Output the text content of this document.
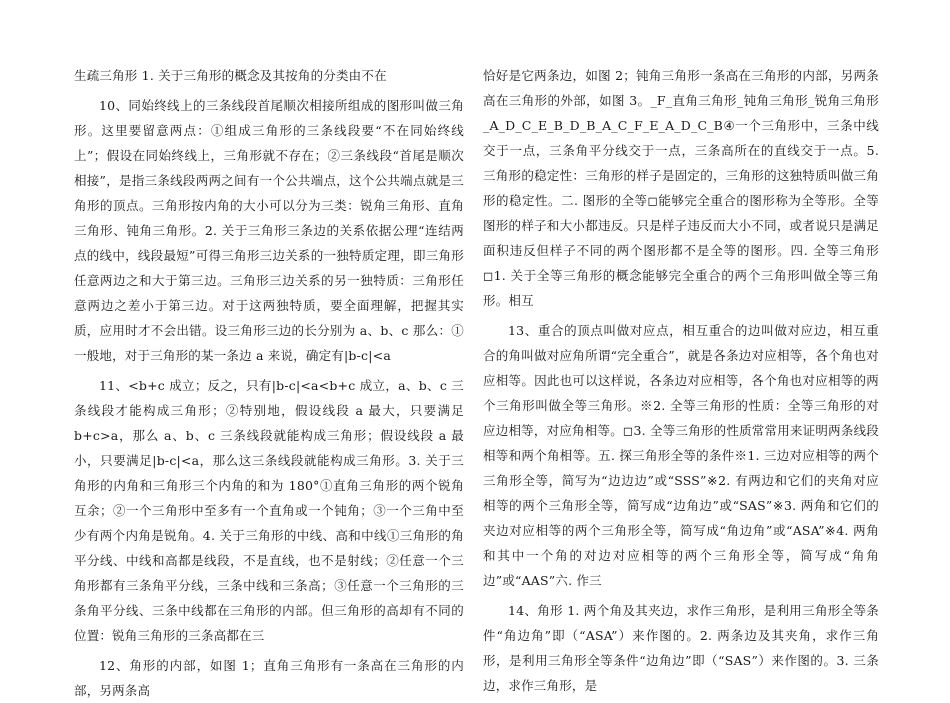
生疏三角形 1. 关于三角形的概念及其按角的分类由不在

10、同始终线上的三条线段首尾顺次相接所组成的图形叫做三角形。这里要留意两点：①组成三角形的三条线段要“不在同始终线上”；假设在同始终线上，三角形就不存在；②三条线段“首尾是顺次相接”，是指三条线段两两之间有一个公共端点，这个公共端点就是三角形的顶点。三角形按内角的大小可以分为三类：锐角三角形、直角三角形、钝角三角形。2. 关于三角形三条边的关系依据公理“连结两点的线中，线段最短”可得三角形三边关系的一独特质定理，即三角形任意两边之和大于第三边。三角形三边关系的另一独特质：三角形任意两边之差小于第三边。对于这两独特质，要全面理解，把握其实质，应用时才不会出错。设三角形三边的长分别为 a、b、c 那么：①一般地，对于三角形的某一条边 a 来说，确定有|b-c|<a

11、<b+c 成立；反之，只有|b-c|<a<b+c 成立，a、b、c 三条线段才能构成三角形；②特别地，假设线段 a 最大，只要满足 b+c>a，那么 a、b、c 三条线段就能构成三角形；假设线段 a 最小，只要满足|b-c|<a，那么这三条线段就能构成三角形。3. 关于三角形的内角和三角形三个内角的和为 180°①直角三角形的两个锐角互余；②一个三角形中至多有一个直角或一个钝角；③一个三角中至少有两个内角是锐角。4. 关于三角形的中线、高和中线①三角形的角平分线、中线和高都是线段，不是直线，也不是射线；②任意一个三角形都有三条角平分线，三条中线和三条高；③任意一个三角形的三条角平分线、三条中线都在三角形的内部。但三角形的高却有不同的位置：锐角三角形的三条高都在三

12、角形的内部，如图 1；直角三角形有一条高在三角形的内部，另两条高

恰好是它两条边，如图 2；钝角三角形一条高在三角形的内部，另两条高在三角形的外部，如图 3。_F_直角三角形_钝角三角形_锐角三角形_A_D_C_E_B_D_B_A_C_F_E_A_D_C_B④一个三角形中，三条中线交于一点，三条角平分线交于一点，三条高所在的直线交于一点。5. 三角形的稳定性：三角形的样子是固定的，三角形的这独特质叫做三角形的稳定性。二. 图形的全等◻能够完全重合的图形称为全等形。全等图形的样子和大小都违反。只是样子违反而大小不同，或者说只是满足面积违反但样子不同的两个图形都不是全等的图形。四. 全等三角形◻1. 关于全等三角形的概念能够完全重合的两个三角形叫做全等三角形。相互

13、重合的顶点叫做对应点，相互重合的边叫做对应边，相互重合的角叫做对应角所谓“完全重合”，就是各条边对应相等，各个角也对应相等。因此也可以这样说，各条边对应相等，各个角也对应相等的两个三角形叫做全等三角形。※2. 全等三角形的性质：全等三角形的对应边相等，对应角相等。◻3. 全等三角形的性质常常用来证明两条线段相等和两个角相等。五. 探三角形全等的条件※1. 三边对应相等的两个三角形全等，简写为“边边边”或“SSS”※2. 有两边和它们的夹角对应相等的两个三角形全等，简写成“边角边”或“SAS”※3. 两角和它们的夹边对应相等的两个三角形全等，简写成“角边角”或“ASA”※4. 两角和其中一个角的对边对应相等的两个三角形全等，简写成“角角边”或“AAS”六. 作三

14、角形 1. 两个角及其夹边，求作三角形，是利用三角形全等条件“角边角”即（“ASA”）来作图的。2. 两条边及其夹角，求作三角形，是利用三角形全等条件“边角边”即（“SAS”）来作图的。3. 三条边，求作三角形，是
